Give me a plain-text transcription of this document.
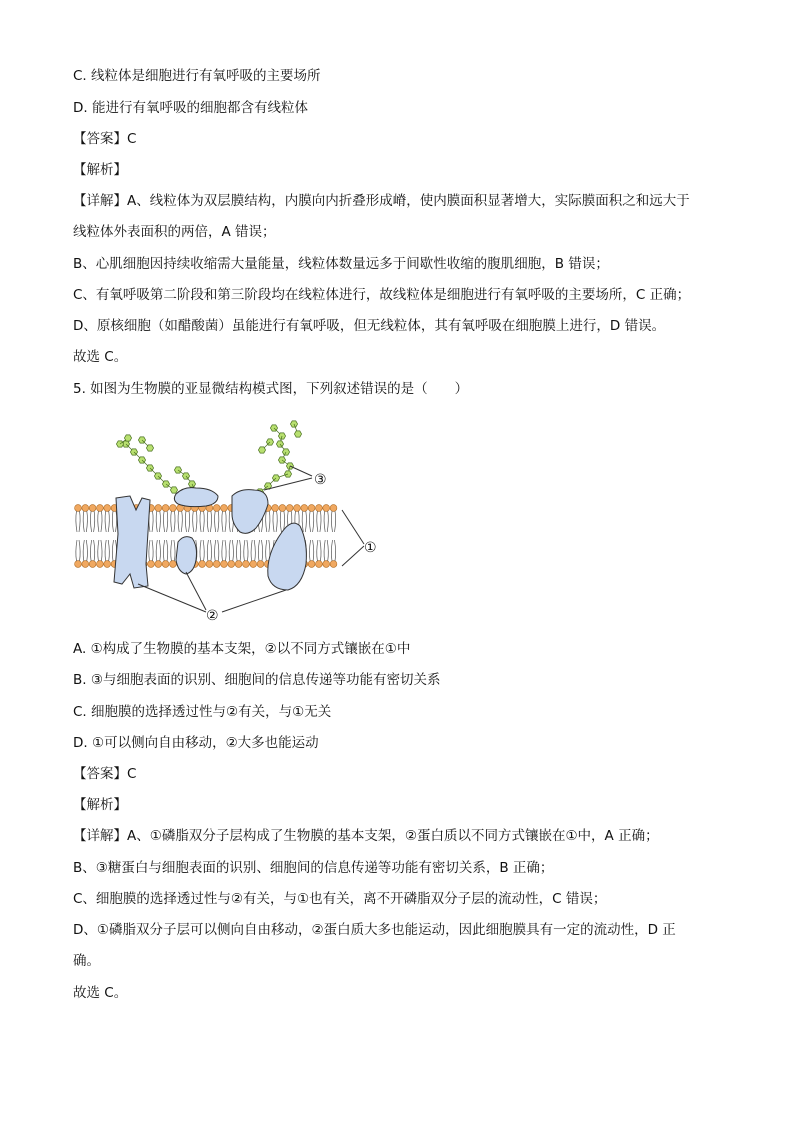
C. 线粒体是细胞进行有氧呼吸的主要场所
D. 能进行有氧呼吸的细胞都含有线粒体
【答案】C
【解析】
【详解】A、线粒体为双层膜结构，内膜向内折叠形成嵴，使内膜面积显著增大，实际膜面积之和远大于
线粒体外表面积的两倍，A 错误；
B、心肌细胞因持续收缩需大量能量，线粒体数量远多于间歇性收缩的腹肌细胞，B 错误；
C、有氧呼吸第二阶段和第三阶段均在线粒体进行，故线粒体是细胞进行有氧呼吸的主要场所，C 正确；
D、原核细胞（如醋酸菌）虽能进行有氧呼吸，但无线粒体，其有氧呼吸在细胞膜上进行，D 错误。
故选 C。
5. 如图为生物膜的亚显微结构模式图，下列叙述错误的是（　　）
③
①
②
A. ①构成了生物膜的基本支架，②以不同方式镶嵌在①中
B. ③与细胞表面的识别、细胞间的信息传递等功能有密切关系
C. 细胞膜的选择透过性与②有关，与①无关
D. ①可以侧向自由移动，②大多也能运动
【答案】C
【解析】
【详解】A、①磷脂双分子层构成了生物膜的基本支架，②蛋白质以不同方式镶嵌在①中，A 正确；
B、③糖蛋白与细胞表面的识别、细胞间的信息传递等功能有密切关系，B 正确；
C、细胞膜的选择透过性与②有关，与①也有关，离不开磷脂双分子层的流动性，C 错误；
D、①磷脂双分子层可以侧向自由移动，②蛋白质大多也能运动，因此细胞膜具有一定的流动性，D 正
确。
故选 C。
